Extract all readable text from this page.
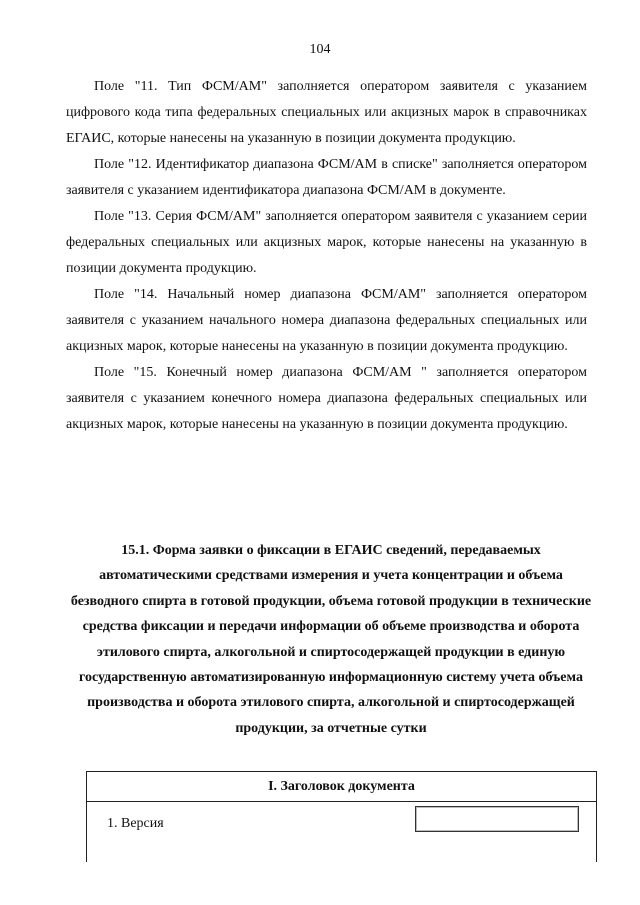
104

Поле "11. Тип ФСМ/АМ" заполняется оператором заявителя с указанием цифрового кода типа федеральных специальных или акцизных марок в справочниках ЕГАИС, которые нанесены на указанную в позиции документа продукцию.

Поле "12. Идентификатор диапазона ФСМ/АМ в списке" заполняется оператором заявителя с указанием идентификатора диапазона ФСМ/АМ в документе.

Поле "13. Серия ФСМ/АМ" заполняется оператором заявителя с указанием серии федеральных специальных или акцизных марок, которые нанесены на указанную в позиции документа продукцию.

Поле "14. Начальный номер диапазона ФСМ/АМ" заполняется оператором заявителя с указанием начального номера диапазона федеральных специальных или акцизных марок, которые нанесены на указанную в позиции документа продукцию.

Поле "15. Конечный номер диапазона ФСМ/АМ " заполняется оператором заявителя с указанием конечного номера диапазона федеральных специальных или акцизных марок, которые нанесены на указанную в позиции документа продукцию.

15.1. Форма заявки о фиксации в ЕГАИС сведений, передаваемых автоматическими средствами измерения и учета концентрации и объема безводного спирта в готовой продукции, объема готовой продукции в технические средства фиксации и передачи информации об объеме производства и оборота этилового спирта, алкогольной и спиртосодержащей продукции в единую государственную автоматизированную информационную систему учета объема производства и оборота этилового спирта, алкогольной и спиртосодержащей продукции, за отчетные сутки
I. Заголовок документа
1. Версия
